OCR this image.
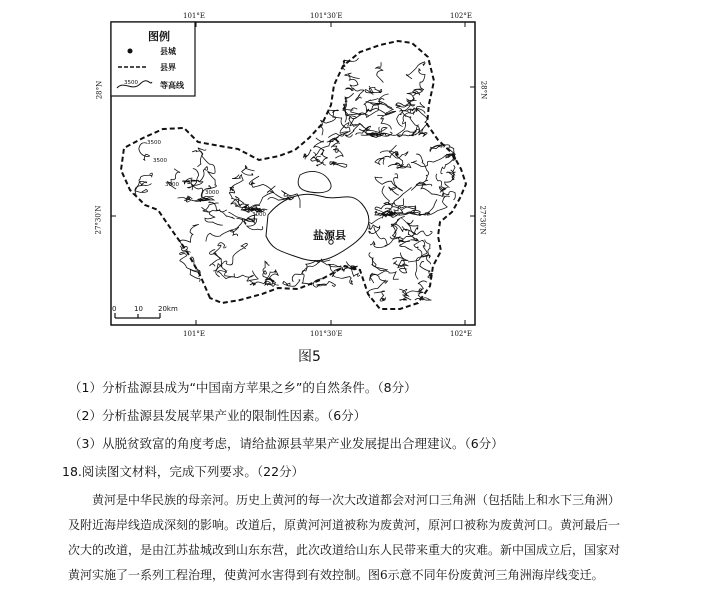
101°E	101°30′E	102°E
101°E	101°30′E	102°E
28°N
27°30′N
28°N
27°30′N
图例
县城
县界
等高线
3500
3500
3000
3000
3000
3500
盐源县
0	10 20km
图5
（1）分析盐源县成为“中国南方苹果之乡”的自然条件。（8分）
（2）分析盐源县发展苹果产业的限制性因素。（6分）
（3）从脱贫致富的角度考虑，请给盐源县苹果产业发展提出合理建议。（6分）
18.阅读图文材料，完成下列要求。（22分）
　　黄河是中华民族的母亲河。历史上黄河的每一次大改道都会对河口三角洲（包括陆上和水下三角洲）
及附近海岸线造成深刻的影响。改道后，原黄河河道被称为废黄河，原河口被称为废黄河口。黄河最后一
次大的改道，是由江苏盐城改到山东东营，此次改道给山东人民带来重大的灾难。新中国成立后，国家对
黄河实施了一系列工程治理，使黄河水害得到有效控制。图6示意不同年份废黄河三角洲海岸线变迁。
